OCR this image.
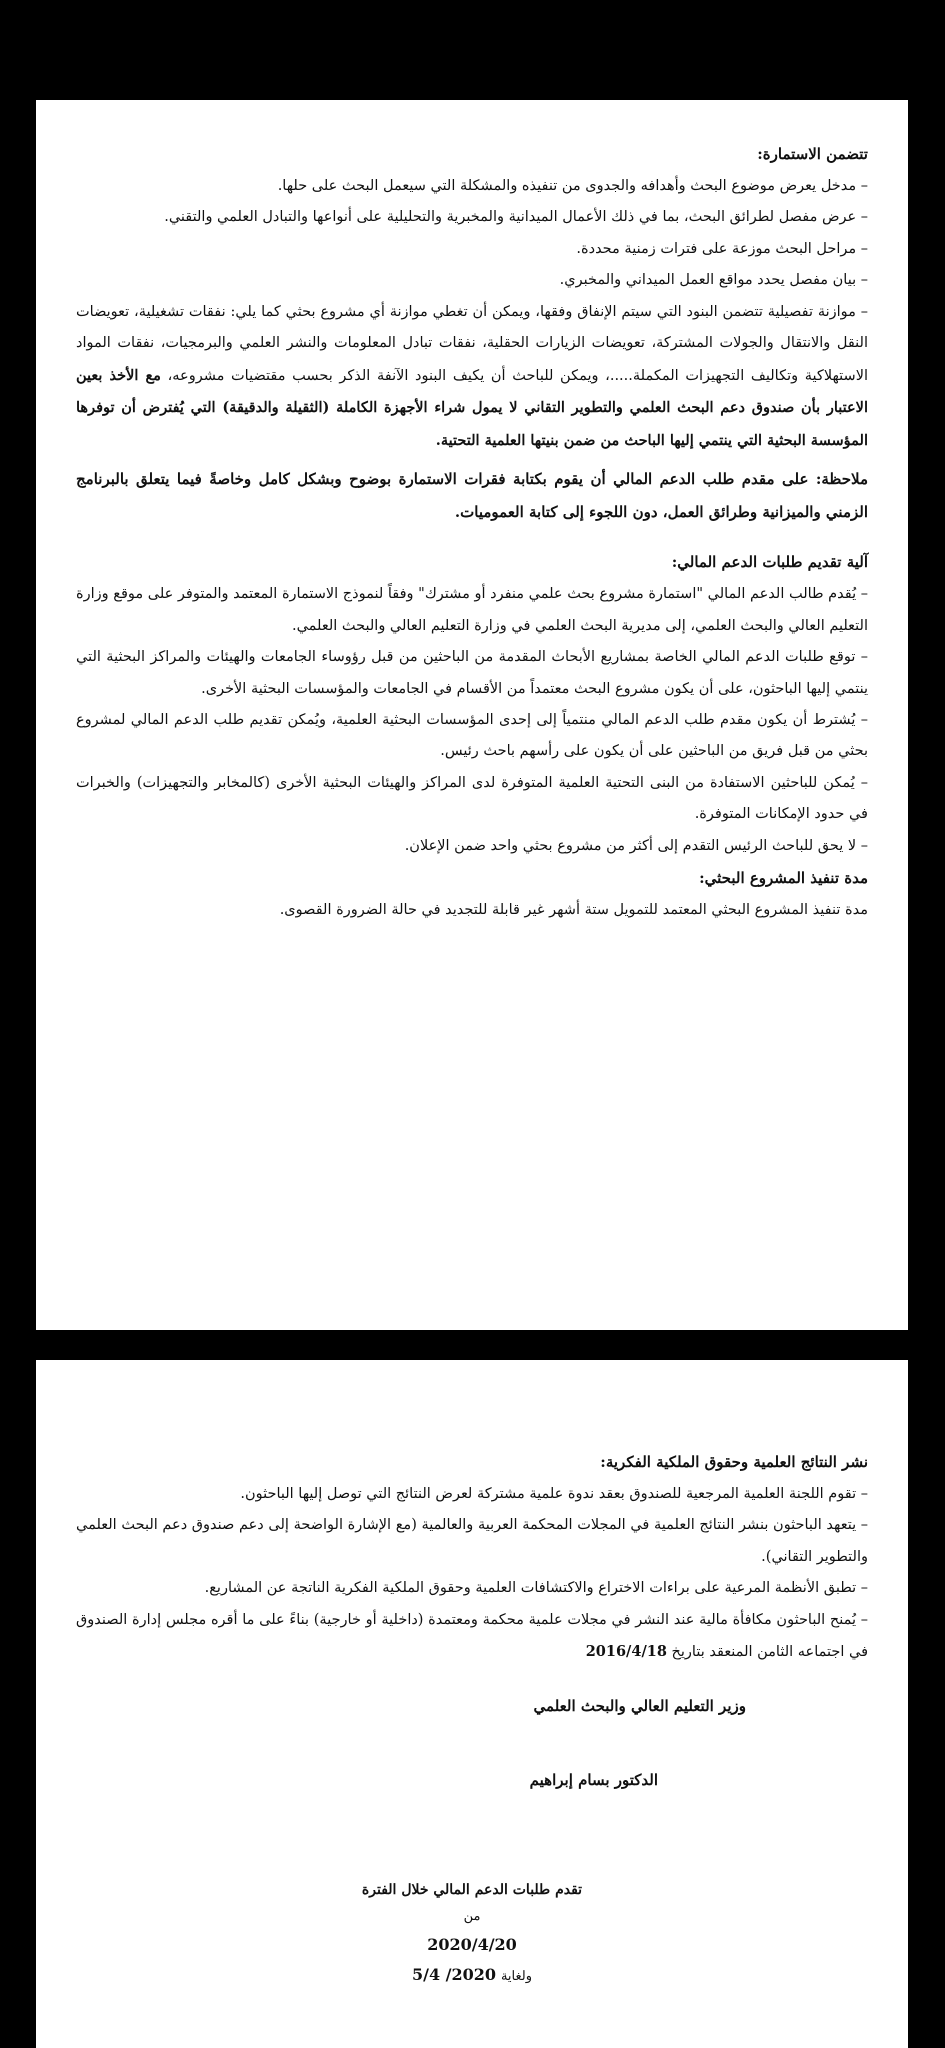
تتضمن الاستمارة:

– مدخل يعرض موضوع البحث وأهدافه والجدوى من تنفيذه والمشكلة التي سيعمل البحث على حلها.

– عرض مفصل لطرائق البحث، بما في ذلك الأعمال الميدانية والمخبرية والتحليلية على أنواعها والتبادل العلمي والتقني.

– مراحل البحث موزعة على فترات زمنية محددة.

– بيان مفصل يحدد مواقع العمل الميداني والمخبري.

– موازنة تفصيلية تتضمن البنود التي سيتم الإنفاق وفقها، ويمكن أن تغطي موازنة أي مشروع بحثي كما يلي: نفقات تشغيلية، تعويضات النقل والانتقال والجولات المشتركة، تعويضات الزيارات الحقلية، نفقات تبادل المعلومات والنشر العلمي والبرمجيات، نفقات المواد الاستهلاكية وتكاليف التجهيزات المكملة.....، ويمكن للباحث أن يكيف البنود الآنفة الذكر بحسب مقتضيات مشروعه، مع الأخذ بعين الاعتبار بأن صندوق دعم البحث العلمي والتطوير التقاني لا يمول شراء الأجهزة الكاملة (الثقيلة والدقيقة) التي يُفترض أن توفرها المؤسسة البحثية التي ينتمي إليها الباحث من ضمن بنيتها العلمية التحتية.

ملاحظة: على مقدم طلب الدعم المالي أن يقوم بكتابة فقرات الاستمارة بوضوح وبشكل كامل وخاصةً فيما يتعلق بالبرنامج الزمني والميزانية وطرائق العمل، دون اللجوء إلى كتابة العموميات.

آلية تقديم طلبات الدعم المالي:

– يُقدم طالب الدعم المالي "استمارة مشروع بحث علمي منفرد أو مشترك" وفقاً لنموذج الاستمارة المعتمد والمتوفر على موقع وزارة التعليم العالي والبحث العلمي، إلى مديرية البحث العلمي في وزارة التعليم العالي والبحث العلمي.

– توقع طلبات الدعم المالي الخاصة بمشاريع الأبحاث المقدمة من الباحثين من قبل رؤوساء الجامعات والهيئات والمراكز البحثية التي ينتمي إليها الباحثون، على أن يكون مشروع البحث معتمداً من الأقسام في الجامعات والمؤسسات البحثية الأخرى.

– يُشترط أن يكون مقدم طلب الدعم المالي منتمياً إلى إحدى المؤسسات البحثية العلمية، ويُمكن تقديم طلب الدعم المالي لمشروع بحثي من قبل فريق من الباحثين على أن يكون على رأسهم باحث رئيس.

– يُمكن للباحثين الاستفادة من البنى التحتية العلمية المتوفرة لدى المراكز والهيئات البحثية الأخرى (كالمخابر والتجهيزات) والخبرات في حدود الإمكانات المتوفرة.

– لا يحق للباحث الرئيس التقدم إلى أكثر من مشروع بحثي واحد ضمن الإعلان.

مدة تنفيذ المشروع البحثي:

مدة تنفيذ المشروع البحثي المعتمد للتمويل ستة أشهر غير قابلة للتجديد في حالة الضرورة القصوى.

نشر النتائج العلمية وحقوق الملكية الفكرية:

– تقوم اللجنة العلمية المرجعية للصندوق بعقد ندوة علمية مشتركة لعرض النتائج التي توصل إليها الباحثون.

– يتعهد الباحثون بنشر النتائج العلمية في المجلات المحكمة العربية والعالمية (مع الإشارة الواضحة إلى دعم صندوق دعم البحث العلمي والتطوير التقاني).

– تطبق الأنظمة المرعية على براءات الاختراع والاكتشافات العلمية وحقوق الملكية الفكرية الناتجة عن المشاريع.

– يُمنح الباحثون مكافأة مالية عند النشر في مجلات علمية محكمة ومعتمدة (داخلية أو خارجية) بناءً على ما أقره مجلس إدارة الصندوق في اجتماعه الثامن المنعقد بتاريخ 2016/4/18

وزير التعليم العالي والبحث العلمي

الدكتور بسام إبراهيم

تقدم طلبات الدعم المالي خلال الفترة
من
2020/4/20
ولغاية 2020/ 5/4
